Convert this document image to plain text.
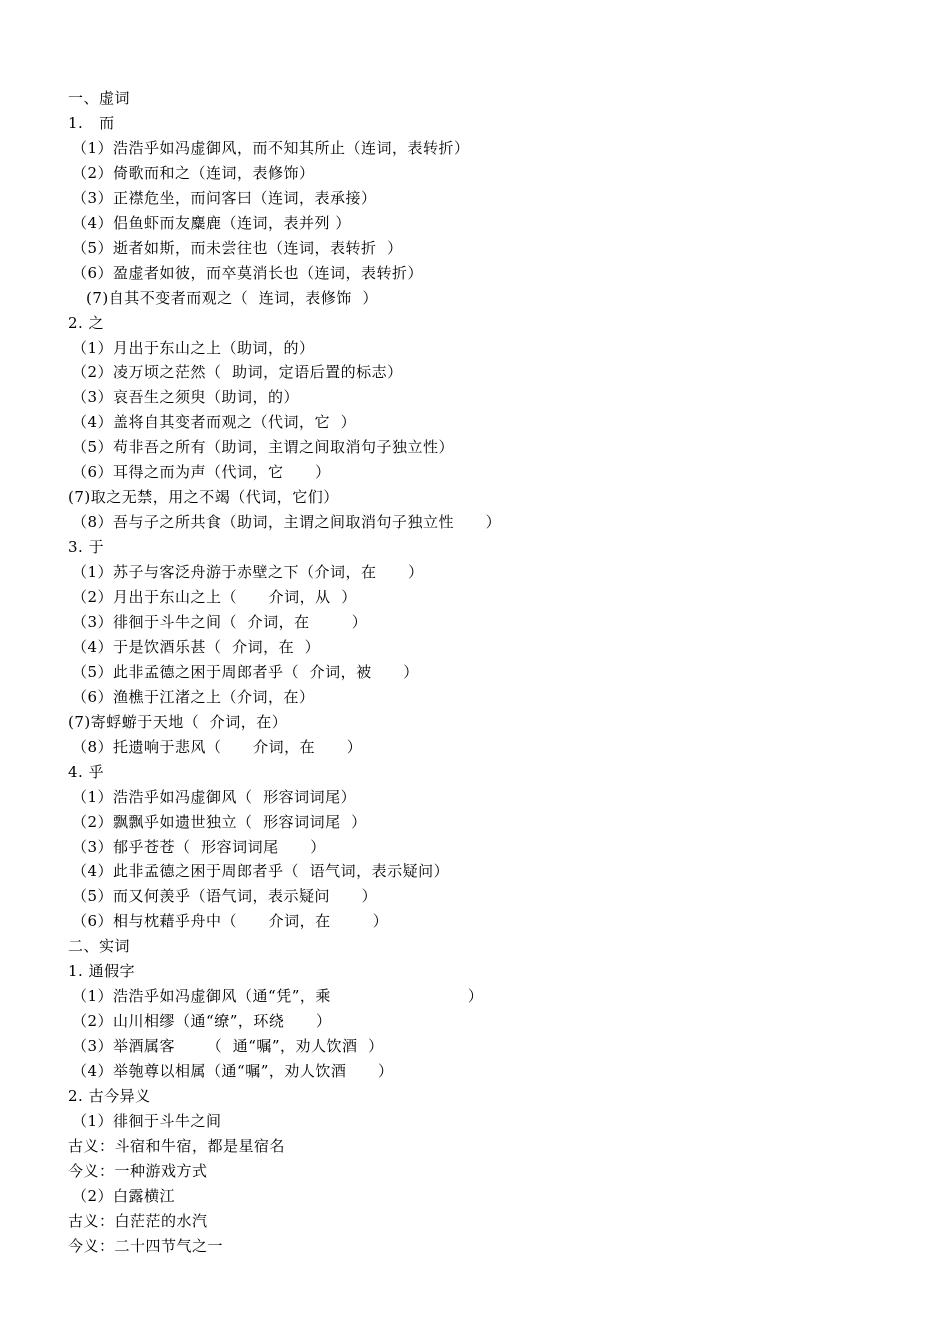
一、虚词
1.   而
（1）浩浩乎如冯虚御风，而不知其所止（连词，表转折）
（2）倚歌而和之（连词，表修饰）
（3）正襟危坐，而问客曰（连词，表承接）
（4）侣鱼虾而友麋鹿（连词，表并列 ）
（5）逝者如斯，而未尝往也（连词，表转折  ）
（6）盈虚者如彼，而卒莫消长也（连词，表转折）
(7)自其不变者而观之（  连词，表修饰  ）
2. 之
（1）月出于东山之上（助词，的）
（2）凌万顷之茫然（  助词，定语后置的标志）
（3）哀吾生之须臾（助词，的）
（4）盖将自其变者而观之（代词，它  ）
（5）苟非吾之所有（助词，主谓之间取消句子独立性）
（6）耳得之而为声（代词，它      ）
(7)取之无禁，用之不竭（代词，它们）
（8）吾与子之所共食（助词，主谓之间取消句子独立性      ）
3. 于
（1）苏子与客泛舟游于赤壁之下（介词，在      ）
（2）月出于东山之上（      介词，从  ）
（3）徘徊于斗牛之间（  介词，在        ）
（4）于是饮酒乐甚（  介词，在  ）
（5）此非孟德之困于周郎者乎（  介词，被      ）
（6）渔樵于江渚之上（介词，在）
(7)寄蜉蝣于天地（  介词，在）
（8）托遗响于悲风（      介词，在      ）
4. 乎
（1）浩浩乎如冯虚御风（  形容词词尾）
（2）飘飘乎如遗世独立（  形容词词尾  ）
（3）郁乎苍苍（  形容词词尾      ）
（4）此非孟德之困于周郎者乎（  语气词，表示疑问）
（5）而又何羡乎（语气词，表示疑问      ）
（6）相与枕藉乎舟中（      介词，在        ）
二、实词
1. 通假字
（1）浩浩乎如冯虚御风（通“凭”，乘                          ）
（2）山川相缪（通“缭”，环绕      ）
（3）举酒属客      （  通“嘱”，劝人饮酒  ）
（4）举匏尊以相属（通“嘱”，劝人饮酒      ）
2. 古今异义
（1）徘徊于斗牛之间
古义：斗宿和牛宿，都是星宿名
今义：一种游戏方式
（2）白露横江
古义：白茫茫的水汽
今义：二十四节气之一
